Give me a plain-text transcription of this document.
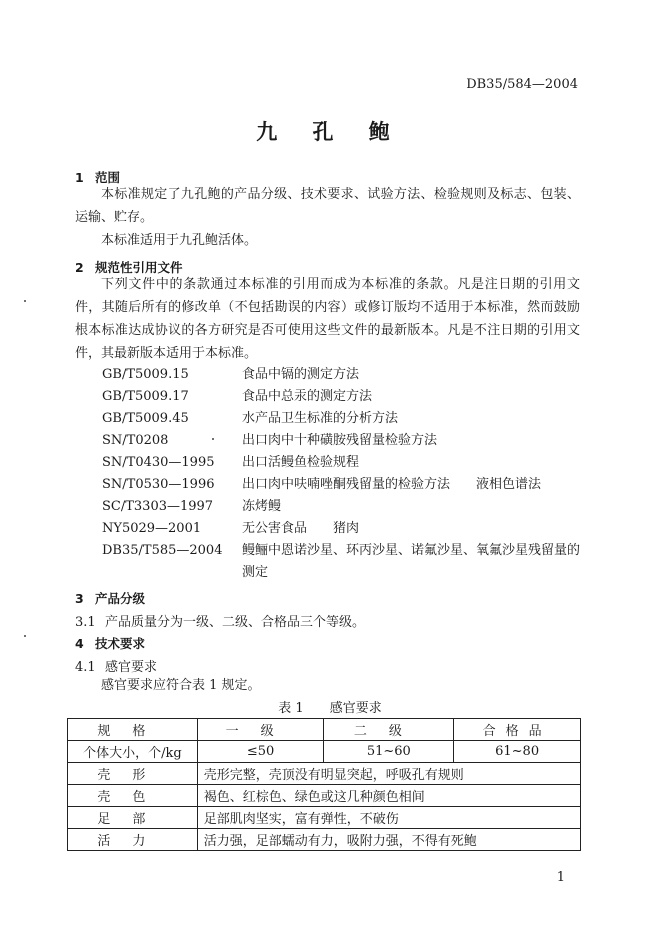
DB35/584—2004
九 孔 鲍
1 范围
本标准规定了九孔鲍的产品分级、技术要求、试验方法、检验规则及标志、包装、运输、贮存。
本标准适用于九孔鲍活体。
2 规范性引用文件
下列文件中的条款通过本标准的引用而成为本标准的条款。凡是注日期的引用文件，其随后所有的修改单（不包括勘误的内容）或修订版均不适用于本标准，然而鼓励根本标准达成协议的各方研究是否可使用这些文件的最新版本。凡是不注日期的引用文件，其最新版本适用于本标准。
GB/T5009.15	食品中镉的测定方法
GB/T5009.17	食品中总汞的测定方法
GB/T5009.45	水产品卫生标准的分析方法
SN/T0208	出口肉中十种磺胺残留量检验方法
SN/T0430—1995 出口活鳗鱼检验规程
SN/T0530—1996 出口肉中呋喃唑酮残留量的检验方法　　液相色谱法
SC/T3303—1997 冻烤鳗
NY5029—2001	无公害食品　　猪肉
DB35/T585—2004 鳗鲡中恩诺沙星、环丙沙星、诺氟沙星、氧氟沙星残留量的测定
3 产品分级
3.1 产品质量分为一级、二级、合格品三个等级。
4 技术要求
4.1 感官要求
感官要求应符合表 1 规定。
表 1　　感官要求
规格	一级	二级	合格品
个体大小，个/kg	≤50	51~60	61~80
壳形	壳形完整，壳顶没有明显突起，呼吸孔有规则		
壳色	褐色、红棕色、绿色或这几种颜色相间		
足部	足部肌肉坚实，富有弹性，不破伤		
活力	活力强，足部蠕动有力，吸附力强，不得有死鲍		
1
